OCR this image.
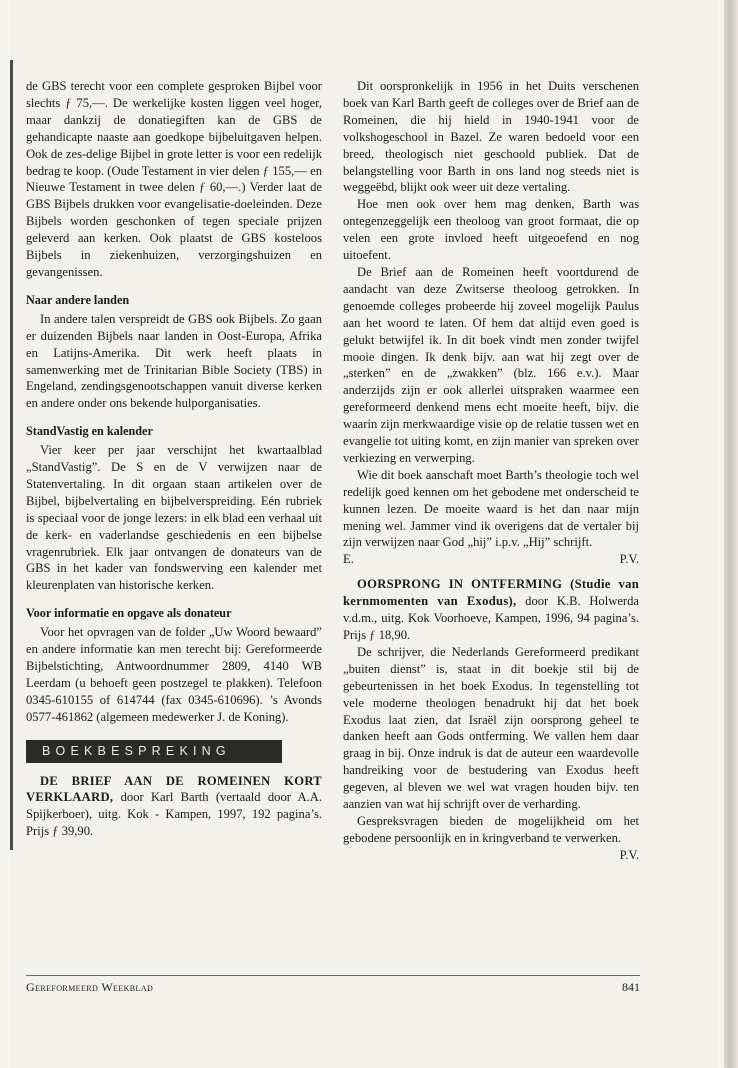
de GBS terecht voor een complete gesproken Bijbel voor slechts ƒ 75,—. De werkelijke kosten liggen veel hoger, maar dankzij de donatiegiften kan de GBS de gehandicapte naaste aan goedkope bijbeluitgaven helpen. Ook de zes-delige Bijbel in grote letter is voor een redelijk bedrag te koop. (Oude Testament in vier delen ƒ 155,— en Nieuwe Testament in twee delen ƒ 60,—.) Verder laat de GBS Bijbels drukken voor evangelisatie-doeleinden. Deze Bijbels worden geschonken of tegen speciale prijzen geleverd aan kerken. Ook plaatst de GBS kosteloos Bijbels in ziekenhuizen, verzorgingshuizen en gevangenissen.

Naar andere landen

In andere talen verspreidt de GBS ook Bijbels. Zo gaan er duizenden Bijbels naar landen in Oost-Europa, Afrika en Latijns-Amerika. Dit werk heeft plaats in samenwerking met de Trinitarian Bible Society (TBS) in Engeland, zendingsgenootschappen vanuit diverse kerken en andere onder ons bekende hulporganisaties.

StandVastig en kalender

Vier keer per jaar verschijnt het kwartaalblad „StandVastig”. De S en de V verwijzen naar de Statenvertaling. In dit orgaan staan artikelen over de Bijbel, bijbelvertaling en bijbelverspreiding. Eén rubriek is speciaal voor de jonge lezers: in elk blad een verhaal uit de kerk- en vaderlandse geschiedenis en een bijbelse vragenrubriek. Elk jaar ontvangen de donateurs van de GBS in het kader van fondswerving een kalender met kleurenplaten van historische kerken.

Voor informatie en opgave als donateur

Voor het opvragen van de folder „Uw Woord bewaard” en andere informatie kan men terecht bij: Gereformeerde Bijbelstichting, Antwoordnummer 2809, 4140 WB Leerdam (u behoeft geen postzegel te plakken). Telefoon 0345-610155 of 614744 (fax 0345-610696). ’s Avonds 0577-461862 (algemeen medewerker J. de Koning).

BOEKBESPREKING

DE BRIEF AAN DE ROMEINEN KORT VERKLAARD, door Karl Barth (vertaald door A.A. Spijkerboer), uitg. Kok - Kampen, 1997, 192 pagina’s. Prijs ƒ 39,90.

Dit oorspronkelijk in 1956 in het Duits verschenen boek van Karl Barth geeft de colleges over de Brief aan de Romeinen, die hij hield in 1940-1941 voor de volkshogeschool in Bazel. Ze waren bedoeld voor een breed, theologisch niet geschoold publiek. Dat de belangstelling voor Barth in ons land nog steeds niet is weggeëbd, blijkt ook weer uit deze vertaling.

Hoe men ook over hem mag denken, Barth was ontegenzeggelijk een theoloog van groot formaat, die op velen een grote invloed heeft uitgeoefend en nog uitoefent.

De Brief aan de Romeinen heeft voortdurend de aandacht van deze Zwitserse theoloog getrokken. In genoemde colleges probeerde hij zoveel mogelijk Paulus aan het woord te laten. Of hem dat altijd even goed is gelukt betwijfel ik. In dit boek vindt men zonder twijfel mooie dingen. Ik denk bijv. aan wat hij zegt over de „sterken” en de „zwakken” (blz. 166 e.v.). Maar anderzijds zijn er ook allerlei uitspraken waarmee een gereformeerd denkend mens echt moeite heeft, bijv. die waarin zijn merkwaardige visie op de relatie tussen wet en evangelie tot uiting komt, en zijn manier van spreken over verkiezing en verwerping.

Wie dit boek aanschaft moet Barth’s theologie toch wel redelijk goed kennen om het gebodene met onderscheid te kunnen lezen. De moeite waard is het dan naar mijn mening wel. Jammer vind ik overigens dat de vertaler bij zijn verwijzen naar God „hij” i.p.v. „Hij” schrijft.

E.	P.V.

OORSPRONG IN ONTFERMING (Studie van kernmomenten van Exodus), door K.B. Holwerda v.d.m., uitg. Kok Voorhoeve, Kampen, 1996, 94 pagina’s. Prijs ƒ 18,90.

De schrijver, die Nederlands Gereformeerd predikant „buiten dienst” is, staat in dit boekje stil bij de gebeurtenissen in het boek Exodus. In tegenstelling tot vele moderne theologen benadrukt hij dat het boek Exodus laat zien, dat Israël zijn oorsprong geheel te danken heeft aan Gods ontferming. We vallen hem daar graag in bij. Onze indruk is dat de auteur een waardevolle handreiking voor de bestudering van Exodus heeft gegeven, al bleven we wel wat vragen houden bijv. ten aanzien van wat hij schrijft over de verharding.

Gespreksvragen bieden de mogelijkheid om het gebodene persoonlijk en in kringverband te verwerken.

P.V.
Gereformeerd Weekblad	841
